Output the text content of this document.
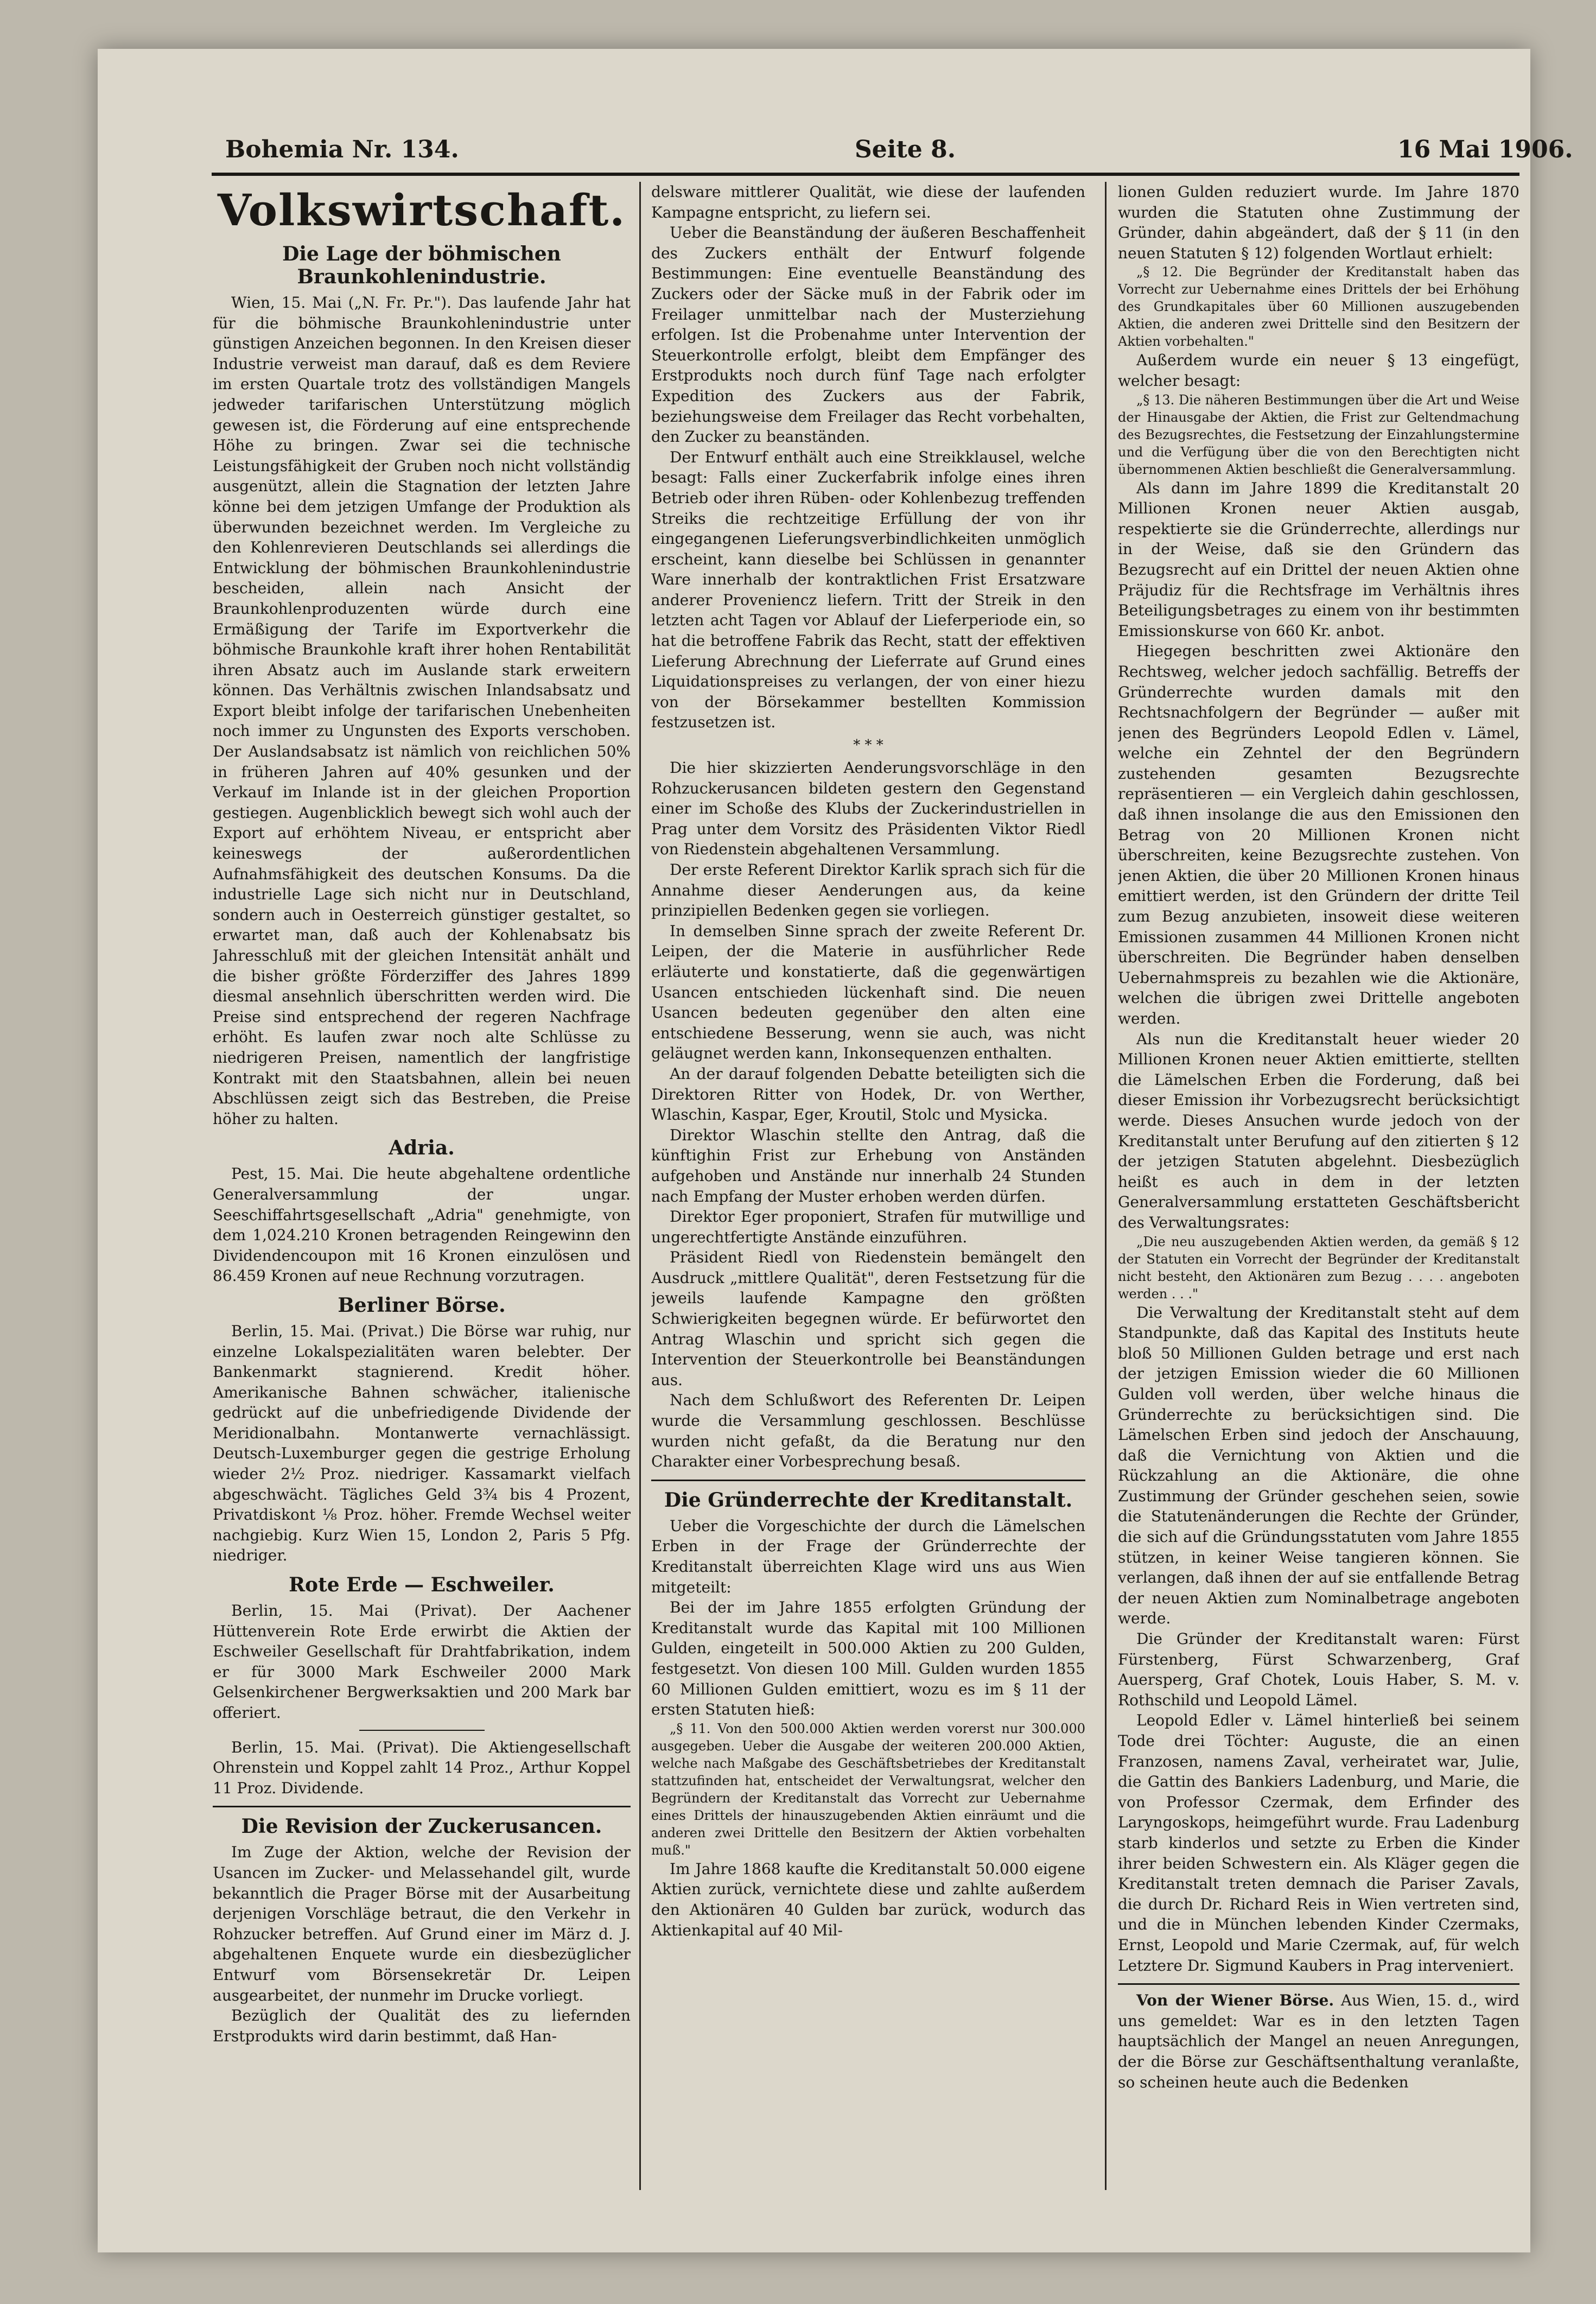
Bohemia Nr. 134.	Seite 8.	16 Mai 1906.
Volkswirtschaft.
Die Lage der böhmischen Braunkohlenindustrie.

Wien, 15. Mai („N. Fr. Pr."). Das laufende Jahr hat für die böhmische Braunkohlenindustrie unter günstigen Anzeichen begonnen. In den Kreisen dieser Industrie verweist man darauf, daß es dem Reviere im ersten Quartale trotz des vollständigen Mangels jedweder tarifarischen Unterstützung möglich gewesen ist, die Förderung auf eine entsprechende Höhe zu bringen. Zwar sei die technische Leistungsfähigkeit der Gruben noch nicht vollständig ausgenützt, allein die Stagnation der letzten Jahre könne bei dem jetzigen Umfange der Produktion als überwunden bezeichnet werden. Im Vergleiche zu den Kohlenrevieren Deutschlands sei allerdings die Entwicklung der böhmischen Braunkohlenindustrie bescheiden, allein nach Ansicht der Braunkohlenproduzenten würde durch eine Ermäßigung der Tarife im Exportverkehr die böhmische Braunkohle kraft ihrer hohen Rentabilität ihren Absatz auch im Auslande stark erweitern können. Das Verhältnis zwischen Inlandsabsatz und Export bleibt infolge der tarifarischen Unebenheiten noch immer zu Ungunsten des Exports verschoben. Der Auslandsabsatz ist nämlich von reichlichen 50% in früheren Jahren auf 40% gesunken und der Verkauf im Inlande ist in der gleichen Proportion gestiegen. Augenblicklich bewegt sich wohl auch der Export auf erhöhtem Niveau, er entspricht aber keineswegs der außerordentlichen Aufnahmsfähigkeit des deutschen Konsums. Da die industrielle Lage sich nicht nur in Deutschland, sondern auch in Oesterreich günstiger gestaltet, so erwartet man, daß auch der Kohlenabsatz bis Jahresschluß mit der gleichen Intensität anhält und die bisher größte Förderziffer des Jahres 1899 diesmal ansehnlich überschritten werden wird. Die Preise sind entsprechend der regeren Nachfrage erhöht. Es laufen zwar noch alte Schlüsse zu niedrigeren Preisen, namentlich der langfristige Kontrakt mit den Staatsbahnen, allein bei neuen Abschlüssen zeigt sich das Bestreben, die Preise höher zu halten.

Adria.

Pest, 15. Mai. Die heute abgehaltene ordentliche Generalversammlung der ungar. Seeschiffahrtsgesellschaft „Adria" genehmigte, von dem 1,024.210 Kronen betragenden Reingewinn den Dividendencoupon mit 16 Kronen einzulösen und 86.459 Kronen auf neue Rechnung vorzutragen.

Berliner Börse.

Berlin, 15. Mai. (Privat.) Die Börse war ruhig, nur einzelne Lokalspezialitäten waren belebter. Der Bankenmarkt stagnierend. Kredit höher. Amerikanische Bahnen schwächer, italienische gedrückt auf die unbefriedigende Dividende der Meridionalbahn. Montanwerte vernachlässigt. Deutsch-Luxemburger gegen die gestrige Erholung wieder 2½ Proz. niedriger. Kassamarkt vielfach abgeschwächt. Tägliches Geld 3¾ bis 4 Prozent, Privatdiskont ⅛ Proz. höher. Fremde Wechsel weiter nachgiebig. Kurz Wien 15, London 2, Paris 5 Pfg. niedriger.

Rote Erde — Eschweiler.

Berlin, 15. Mai (Privat). Der Aachener Hüttenverein Rote Erde erwirbt die Aktien der Eschweiler Gesellschaft für Drahtfabrikation, indem er für 3000 Mark Eschweiler 2000 Mark Gelsenkirchener Bergwerksaktien und 200 Mark bar offeriert.

Berlin, 15. Mai. (Privat). Die Aktiengesellschaft Ohrenstein und Koppel zahlt 14 Proz., Arthur Koppel 11 Proz. Dividende.

Die Revision der Zuckerusancen.

Im Zuge der Aktion, welche der Revision der Usancen im Zucker- und Melassehandel gilt, wurde bekanntlich die Prager Börse mit der Ausarbeitung derjenigen Vorschläge betraut, die den Verkehr in Rohzucker betreffen. Auf Grund einer im März d. J. abgehaltenen Enquete wurde ein diesbezüglicher Entwurf vom Börsensekretär Dr. Leipen ausgearbeitet, der nunmehr im Drucke vorliegt.

Bezüglich der Qualität des zu liefernden Erstprodukts wird darin bestimmt, daß Han-

delsware mittlerer Qualität, wie diese der laufenden Kampagne entspricht, zu liefern sei.

Ueber die Beanständung der äußeren Beschaffenheit des Zuckers enthält der Entwurf folgende Bestimmungen: Eine eventuelle Beanständung des Zuckers oder der Säcke muß in der Fabrik oder im Freilager unmittelbar nach der Musterziehung erfolgen. Ist die Probenahme unter Intervention der Steuerkontrolle erfolgt, bleibt dem Empfänger des Erstprodukts noch durch fünf Tage nach erfolgter Expedition des Zuckers aus der Fabrik, beziehungsweise dem Freilager das Recht vorbehalten, den Zucker zu beanständen.

Der Entwurf enthält auch eine Streikklausel, welche besagt: Falls einer Zuckerfabrik infolge eines ihren Betrieb oder ihren Rüben- oder Kohlenbezug treffenden Streiks die rechtzeitige Erfüllung der von ihr eingegangenen Lieferungsverbindlichkeiten unmöglich erscheint, kann dieselbe bei Schlüssen in genannter Ware innerhalb der kontraktlichen Frist Ersatzware anderer Proveniencz liefern. Tritt der Streik in den letzten acht Tagen vor Ablauf der Lieferperiode ein, so hat die betroffene Fabrik das Recht, statt der effektiven Lieferung Abrechnung der Lieferrate auf Grund eines Liquidationspreises zu verlangen, der von einer hiezu von der Börsekammer bestellten Kommission festzusetzen ist.

* * *

Die hier skizzierten Aenderungsvorschläge in den Rohzuckerusancen bildeten gestern den Gegenstand einer im Schoße des Klubs der Zuckerindustriellen in Prag unter dem Vorsitz des Präsidenten Viktor Riedl von Riedenstein abgehaltenen Versammlung.

Der erste Referent Direktor Karlik sprach sich für die Annahme dieser Aenderungen aus, da keine prinzipiellen Bedenken gegen sie vorliegen.

In demselben Sinne sprach der zweite Referent Dr. Leipen, der die Materie in ausführlicher Rede erläuterte und konstatierte, daß die gegenwärtigen Usancen entschieden lückenhaft sind. Die neuen Usancen bedeuten gegenüber den alten eine entschiedene Besserung, wenn sie auch, was nicht geläugnet werden kann, Inkonsequenzen enthalten.

An der darauf folgenden Debatte beteiligten sich die Direktoren Ritter von Hodek, Dr. von Werther, Wlaschin, Kaspar, Eger, Kroutil, Stolc und Mysicka.

Direktor Wlaschin stellte den Antrag, daß die künftighin Frist zur Erhebung von Anständen aufgehoben und Anstände nur innerhalb 24 Stunden nach Empfang der Muster erhoben werden dürfen.

Direktor Eger proponiert, Strafen für mutwillige und ungerechtfertigte Anstände einzuführen.

Präsident Riedl von Riedenstein bemängelt den Ausdruck „mittlere Qualität", deren Festsetzung für die jeweils laufende Kampagne den größten Schwierigkeiten begegnen würde. Er befürwortet den Antrag Wlaschin und spricht sich gegen die Intervention der Steuerkontrolle bei Beanständungen aus.

Nach dem Schlußwort des Referenten Dr. Leipen wurde die Versammlung geschlossen. Beschlüsse wurden nicht gefaßt, da die Beratung nur den Charakter einer Vorbesprechung besaß.

Die Gründerrechte der Kreditanstalt.

Ueber die Vorgeschichte der durch die Lämelschen Erben in der Frage der Gründerrechte der Kreditanstalt überreichten Klage wird uns aus Wien mitgeteilt:

Bei der im Jahre 1855 erfolgten Gründung der Kreditanstalt wurde das Kapital mit 100 Millionen Gulden, eingeteilt in 500.000 Aktien zu 200 Gulden, festgesetzt. Von diesen 100 Mill. Gulden wurden 1855 60 Millionen Gulden emittiert, wozu es im § 11 der ersten Statuten hieß:

„§ 11. Von den 500.000 Aktien werden vorerst nur 300.000 ausgegeben. Ueber die Ausgabe der weiteren 200.000 Aktien, welche nach Maßgabe des Geschäftsbetriebes der Kreditanstalt stattzufinden hat, entscheidet der Verwaltungsrat, welcher den Begründern der Kreditanstalt das Vorrecht zur Uebernahme eines Drittels der hinauszugebenden Aktien einräumt und die anderen zwei Drittelle den Besitzern der Aktien vorbehalten muß."

Im Jahre 1868 kaufte die Kreditanstalt 50.000 eigene Aktien zurück, vernichtete diese und zahlte außerdem den Aktionären 40 Gulden bar zurück, wodurch das Aktienkapital auf 40 Mil-

lionen Gulden reduziert wurde. Im Jahre 1870 wurden die Statuten ohne Zustimmung der Gründer, dahin abgeändert, daß der § 11 (in den neuen Statuten § 12) folgenden Wortlaut erhielt:

„§ 12. Die Begründer der Kreditanstalt haben das Vorrecht zur Uebernahme eines Drittels der bei Erhöhung des Grundkapitales über 60 Millionen auszugebenden Aktien, die anderen zwei Drittelle sind den Besitzern der Aktien vorbehalten."

Außerdem wurde ein neuer § 13 eingefügt, welcher besagt:

„§ 13. Die näheren Bestimmungen über die Art und Weise der Hinausgabe der Aktien, die Frist zur Geltendmachung des Bezugsrechtes, die Festsetzung der Einzahlungstermine und die Verfügung über die von den Berechtigten nicht übernommenen Aktien beschließt die Generalversammlung.

Als dann im Jahre 1899 die Kreditanstalt 20 Millionen Kronen neuer Aktien ausgab, respektierte sie die Gründerrechte, allerdings nur in der Weise, daß sie den Gründern das Bezugsrecht auf ein Drittel der neuen Aktien ohne Präjudiz für die Rechtsfrage im Verhältnis ihres Beteiligungsbetrages zu einem von ihr bestimmten Emissionskurse von 660 Kr. anbot.

Hiegegen beschritten zwei Aktionäre den Rechtsweg, welcher jedoch sachfällig. Betreffs der Gründerrechte wurden damals mit den Rechtsnachfolgern der Begründer — außer mit jenen des Begründers Leopold Edlen v. Lämel, welche ein Zehntel der den Begründern zustehenden gesamten Bezugsrechte repräsentieren — ein Vergleich dahin geschlossen, daß ihnen insolange die aus den Emissionen den Betrag von 20 Millionen Kronen nicht überschreiten, keine Bezugsrechte zustehen. Von jenen Aktien, die über 20 Millionen Kronen hinaus emittiert werden, ist den Gründern der dritte Teil zum Bezug anzubieten, insoweit diese weiteren Emissionen zusammen 44 Millionen Kronen nicht überschreiten. Die Begründer haben denselben Uebernahmspreis zu bezahlen wie die Aktionäre, welchen die übrigen zwei Drittelle angeboten werden.

Als nun die Kreditanstalt heuer wieder 20 Millionen Kronen neuer Aktien emittierte, stellten die Lämelschen Erben die Forderung, daß bei dieser Emission ihr Vorbezugsrecht berücksichtigt werde. Dieses Ansuchen wurde jedoch von der Kreditanstalt unter Berufung auf den zitierten § 12 der jetzigen Statuten abgelehnt. Diesbezüglich heißt es auch in dem in der letzten Generalversammlung erstatteten Geschäftsbericht des Verwaltungsrates:

„Die neu auszugebenden Aktien werden, da gemäß § 12 der Statuten ein Vorrecht der Begründer der Kreditanstalt nicht besteht, den Aktionären zum Bezug . . . . angeboten werden . . ."

Die Verwaltung der Kreditanstalt steht auf dem Standpunkte, daß das Kapital des Instituts heute bloß 50 Millionen Gulden betrage und erst nach der jetzigen Emission wieder die 60 Millionen Gulden voll werden, über welche hinaus die Gründerrechte zu berücksichtigen sind. Die Lämelschen Erben sind jedoch der Anschauung, daß die Vernichtung von Aktien und die Rückzahlung an die Aktionäre, die ohne Zustimmung der Gründer geschehen seien, sowie die Statutenänderungen die Rechte der Gründer, die sich auf die Gründungsstatuten vom Jahre 1855 stützen, in keiner Weise tangieren können. Sie verlangen, daß ihnen der auf sie entfallende Betrag der neuen Aktien zum Nominalbetrage angeboten werde.

Die Gründer der Kreditanstalt waren: Fürst Fürstenberg, Fürst Schwarzenberg, Graf Auersperg, Graf Chotek, Louis Haber, S. M. v. Rothschild und Leopold Lämel.

Leopold Edler v. Lämel hinterließ bei seinem Tode drei Töchter: Auguste, die an einen Franzosen, namens Zaval, verheiratet war, Julie, die Gattin des Bankiers Ladenburg, und Marie, die von Professor Czermak, dem Erfinder des Laryngoskops, heimgeführt wurde. Frau Ladenburg starb kinderlos und setzte zu Erben die Kinder ihrer beiden Schwestern ein. Als Kläger gegen die Kreditanstalt treten demnach die Pariser Zavals, die durch Dr. Richard Reis in Wien vertreten sind, und die in München lebenden Kinder Czermaks, Ernst, Leopold und Marie Czermak, auf, für welch Letztere Dr. Sigmund Kaubers in Prag interveniert.

Von der Wiener Börse. Aus Wien, 15. d., wird uns gemeldet: War es in den letzten Tagen hauptsächlich der Mangel an neuen Anregungen, der die Börse zur Geschäftsenthaltung veranlaßte, so scheinen heute auch die Bedenken
